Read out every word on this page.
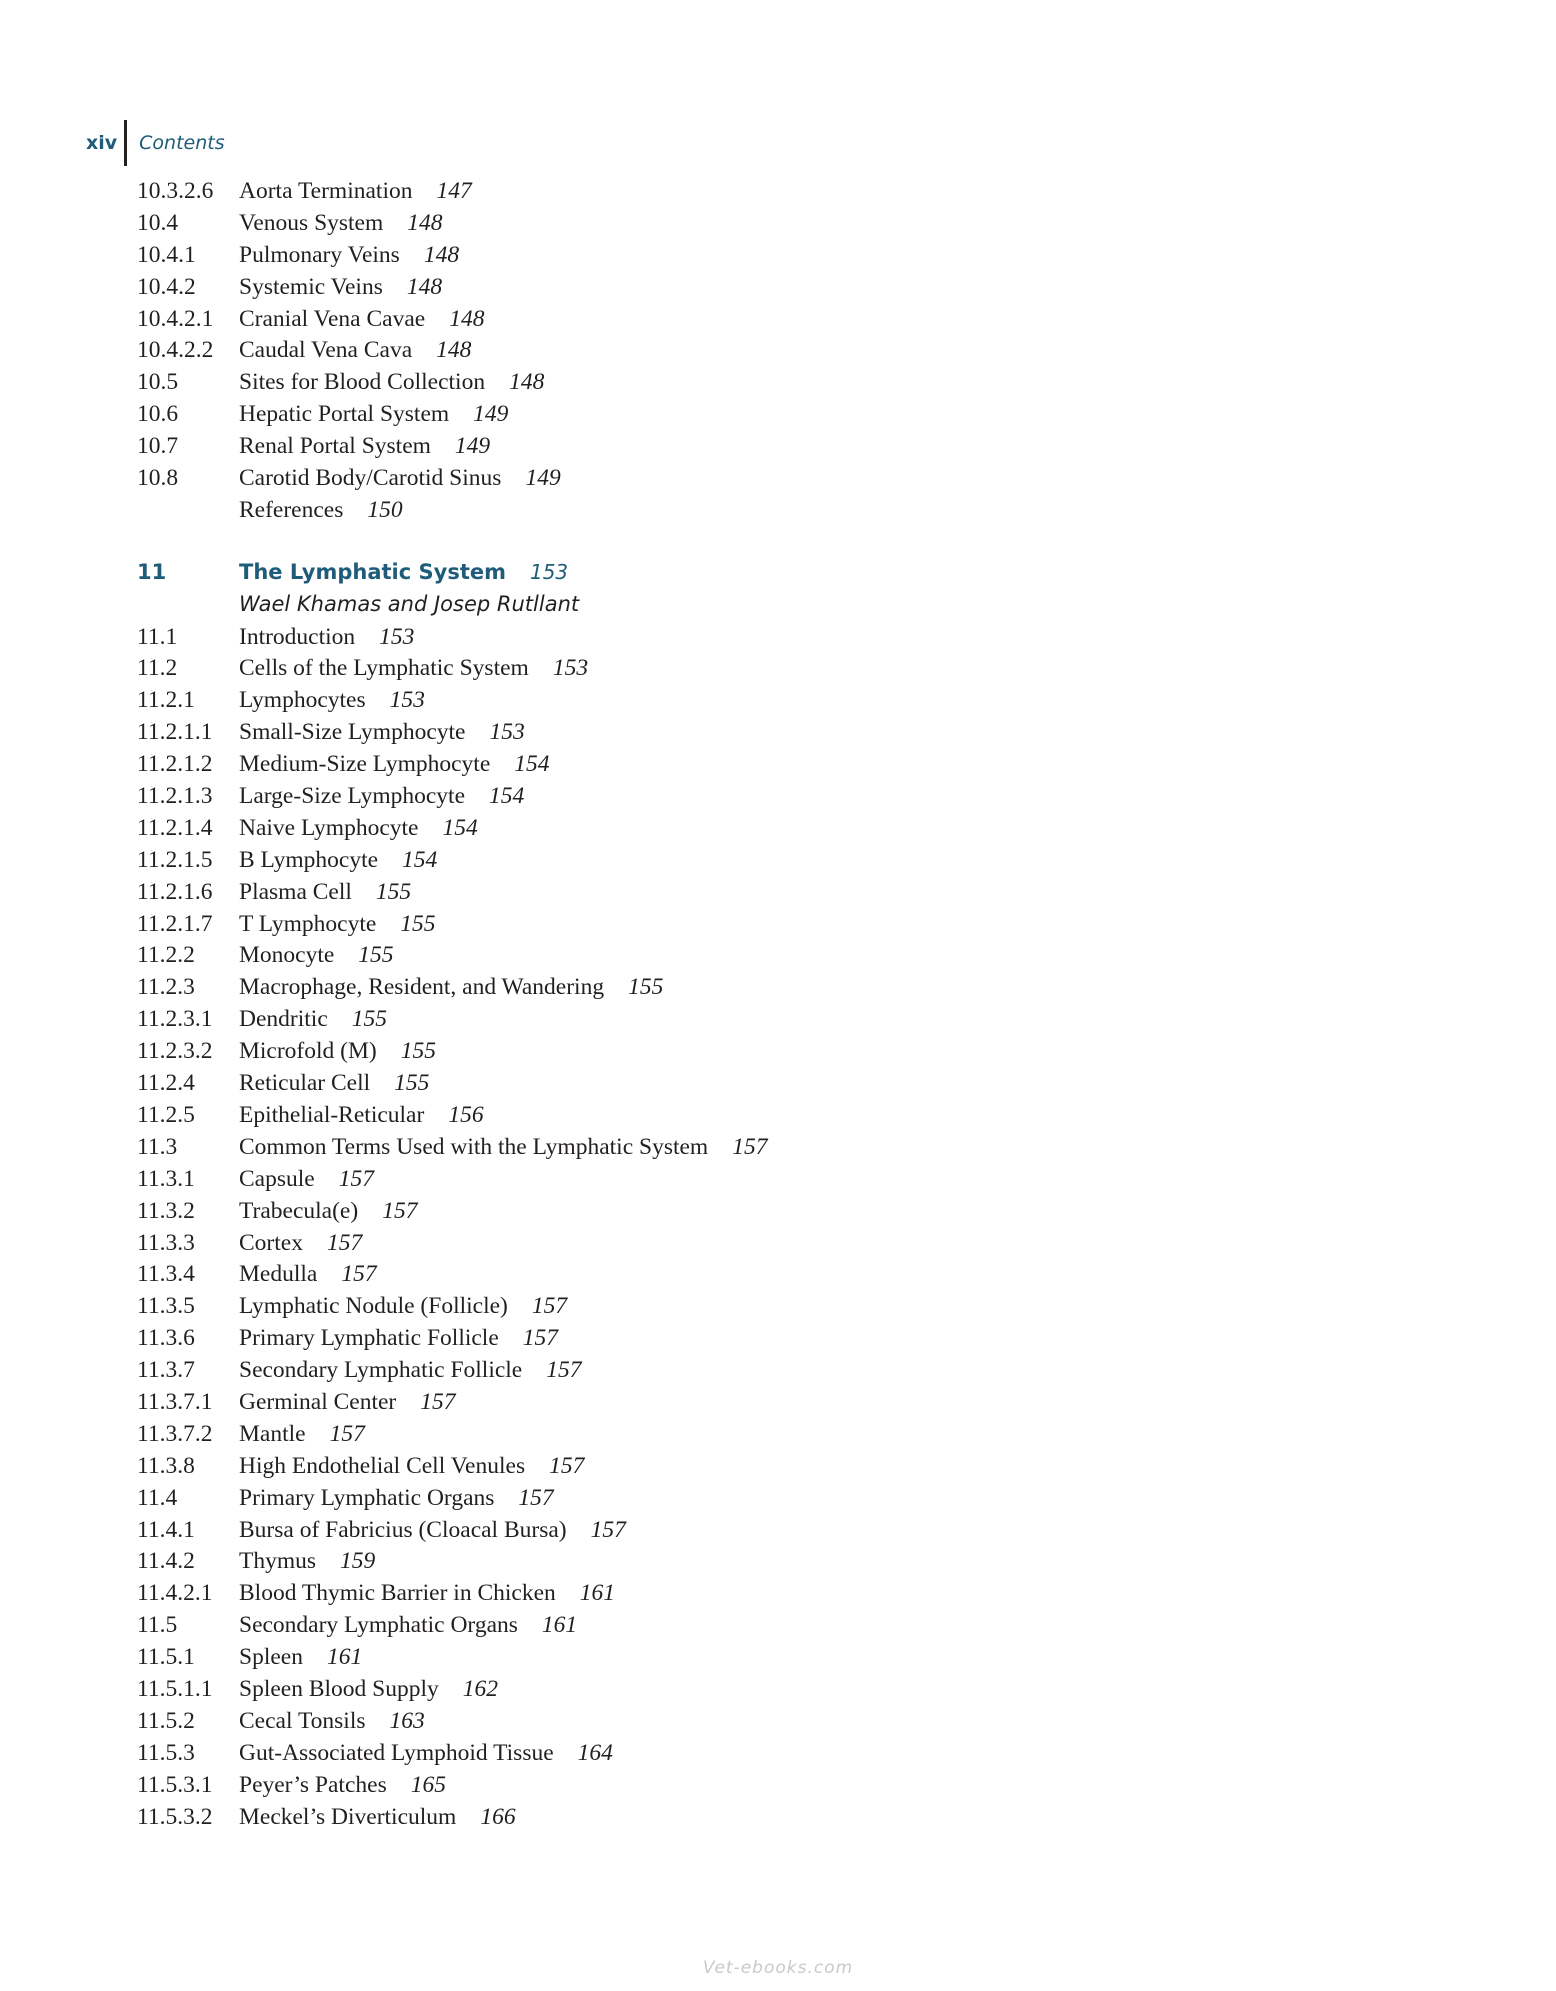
xiv	Contents
10.3.2.6	Aorta Termination 147
10.4	Venous System 148
10.4.1	Pulmonary Veins 148
10.4.2	Systemic Veins 148
10.4.2.1	Cranial Vena Cavae 148
10.4.2.2	Caudal Vena Cava 148
10.5	Sites for Blood Collection 148
10.6	Hepatic Portal System 149
10.7	Renal Portal System 149
10.8	Carotid Body/Carotid Sinus 149
References 150
11	The Lymphatic System 153
Wael Khamas and Josep Rutllant
11.1	Introduction 153
11.2	Cells of the Lymphatic System 153
11.2.1	Lymphocytes 153
11.2.1.1	Small-Size Lymphocyte 153
11.2.1.2	Medium-Size Lymphocyte 154
11.2.1.3	Large-Size Lymphocyte 154
11.2.1.4	Naive Lymphocyte 154
11.2.1.5	B Lymphocyte 154
11.2.1.6	Plasma Cell 155
11.2.1.7	T Lymphocyte 155
11.2.2	Monocyte 155
11.2.3	Macrophage, Resident, and Wandering 155
11.2.3.1	Dendritic 155
11.2.3.2	Microfold (M) 155
11.2.4	Reticular Cell 155
11.2.5	Epithelial-Reticular 156
11.3	Common Terms Used with the Lymphatic System 157
11.3.1	Capsule 157
11.3.2	Trabecula(e) 157
11.3.3	Cortex 157
11.3.4	Medulla 157
11.3.5	Lymphatic Nodule (Follicle) 157
11.3.6	Primary Lymphatic Follicle 157
11.3.7	Secondary Lymphatic Follicle 157
11.3.7.1	Germinal Center 157
11.3.7.2	Mantle 157
11.3.8	High Endothelial Cell Venules 157
11.4	Primary Lymphatic Organs 157
11.4.1	Bursa of Fabricius (Cloacal Bursa) 157
11.4.2	Thymus 159
11.4.2.1	Blood Thymic Barrier in Chicken 161
11.5	Secondary Lymphatic Organs 161
11.5.1	Spleen 161
11.5.1.1	Spleen Blood Supply 162
11.5.2	Cecal Tonsils 163
11.5.3	Gut-Associated Lymphoid Tissue 164
11.5.3.1	Peyer’s Patches 165
11.5.3.2	Meckel’s Diverticulum 166
Vet-ebooks.com
